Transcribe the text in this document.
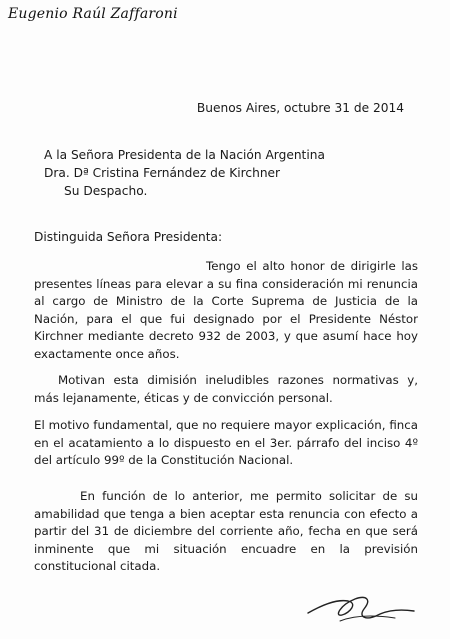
Eugenio Raúl Zaffaroni
Buenos Aires, octubre 31 de 2014
A la Señora Presidenta de la Nación Argentina
Dra. Dª Cristina Fernández de Kirchner
Su Despacho.
Distinguida Señora Presidenta:

Tengo el alto honor de dirigirle las presentes líneas para elevar a su fina consideración mi renuncia al cargo de Ministro de la Corte Suprema de Justicia de la Nación, para el que fui designado por el Presidente Néstor Kirchner mediante decreto 932 de 2003, y que asumí hace hoy exactamente once años.

Motivan esta dimisión ineludibles razones normativas y, más lejanamente, éticas y de convicción personal.

El motivo fundamental, que no requiere mayor explicación, finca en el acatamiento a lo dispuesto en el 3er. párrafo del inciso 4º del artículo 99º de la Constitución Nacional.

En función de lo anterior, me permito solicitar de su amabilidad que tenga a bien aceptar esta renuncia con efecto a partir del 31 de diciembre del corriente año, fecha en que será inminente que mi situación encuadre en la previsión constitucional citada.
